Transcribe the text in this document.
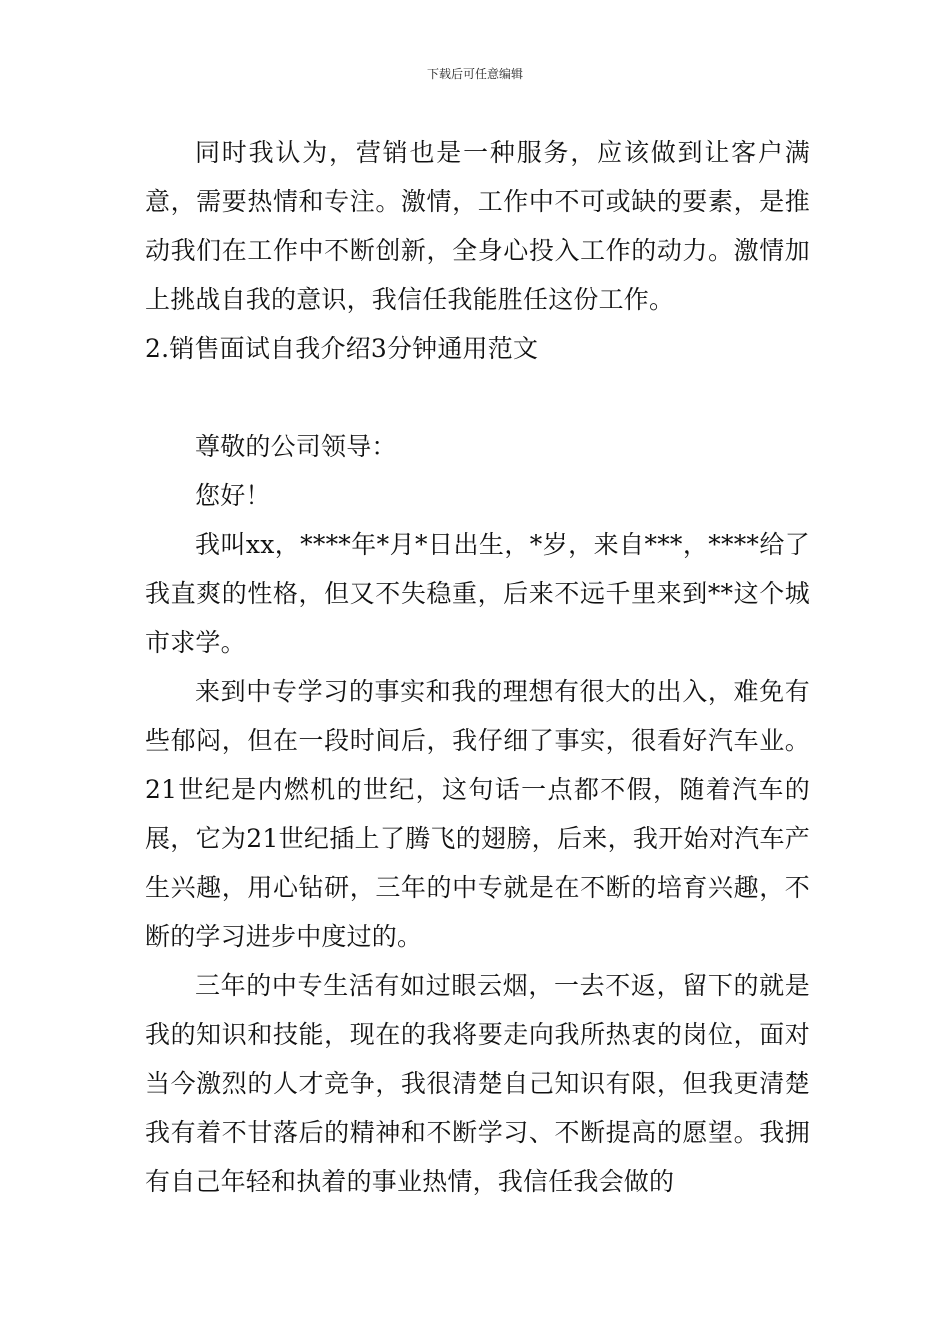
下载后可任意编辑

同时我认为，营销也是一种服务，应该做到让客户满意，需要热情和专注。激情，工作中不可或缺的要素，是推动我们在工作中不断创新，全身心投入工作的动力。激情加上挑战自我的意识，我信任我能胜任这份工作。

2.销售面试自我介绍3分钟通用范文

尊敬的公司领导：

您好！

我叫xx，****年*月*日出生，*岁，来自***，****给了我直爽的性格，但又不失稳重，后来不远千里来到**这个城市求学。

来到中专学习的事实和我的理想有很大的出入，难免有些郁闷，但在一段时间后，我仔细了事实，很看好汽车业。21世纪是内燃机的世纪，这句话一点都不假，随着汽车的展，它为21世纪插上了腾飞的翅膀，后来，我开始对汽车产生兴趣，用心钻研，三年的中专就是在不断的培育兴趣，不断的学习进步中度过的。

三年的中专生活有如过眼云烟，一去不返，留下的就是我的知识和技能，现在的我将要走向我所热衷的岗位，面对当今激烈的人才竞争，我很清楚自己知识有限，但我更清楚我有着不甘落后的精神和不断学习、不断提高的愿望。我拥有自己年轻和执着的事业热情，我信任我会做的
